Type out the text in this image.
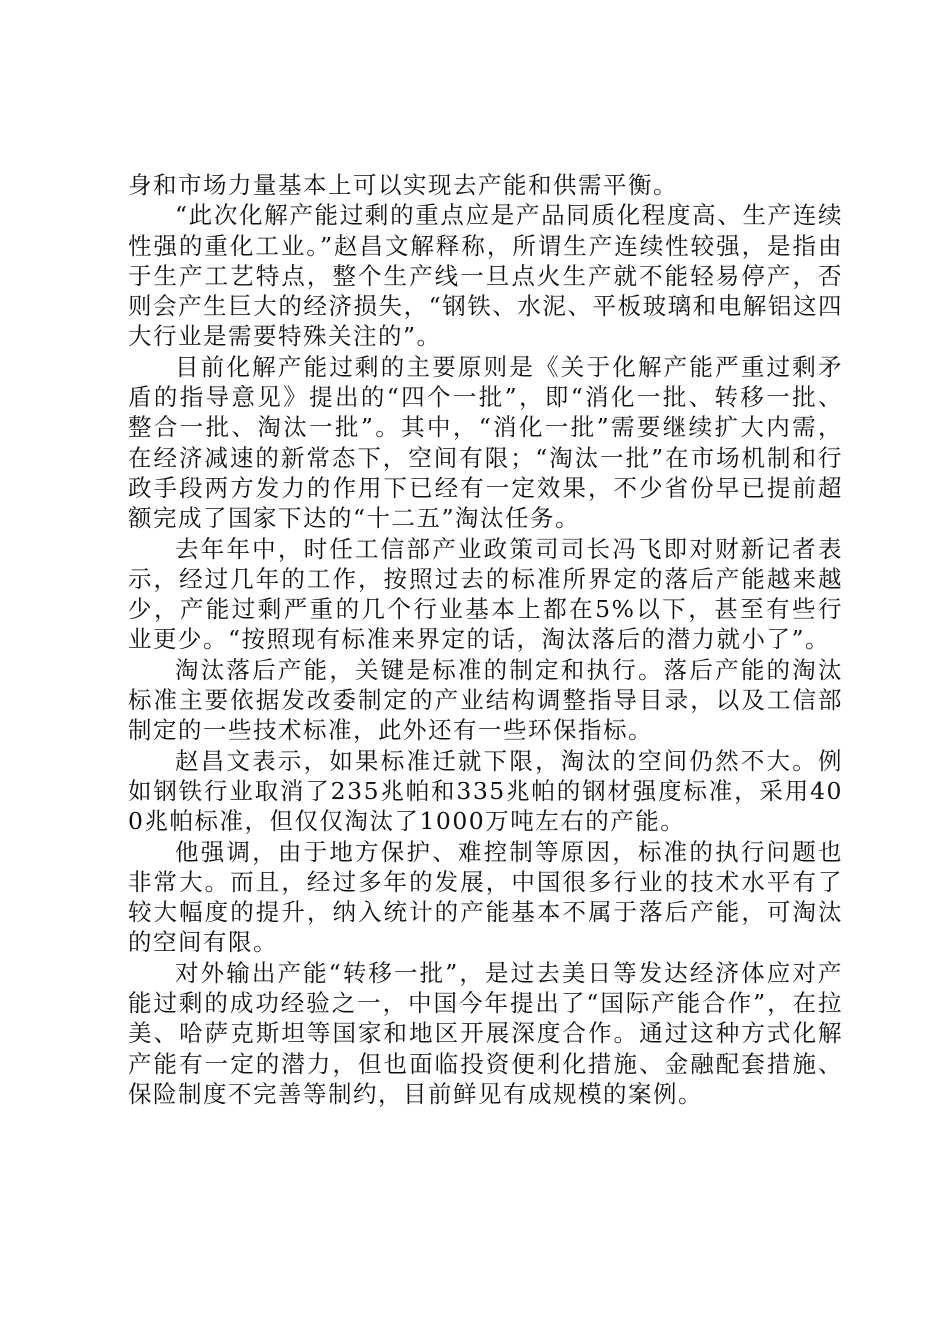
身和市场力量基本上可以实现去产能和供需平衡。

“此次化解产能过剩的重点应是产品同质化程度高、生产连续性强的重化工业。”赵昌文解释称，所谓生产连续性较强，是指由于生产工艺特点，整个生产线一旦点火生产就不能轻易停产，否则会产生巨大的经济损失，“钢铁、水泥、平板玻璃和电解铝这四大行业是需要特殊关注的”。

目前化解产能过剩的主要原则是《关于化解产能严重过剩矛盾的指导意见》提出的“四个一批”，即“消化一批、转移一批、整合一批、淘汰一批”。其中，“消化一批”需要继续扩大内需，在经济减速的新常态下，空间有限；“淘汰一批”在市场机制和行政手段两方发力的作用下已经有一定效果，不少省份早已提前超额完成了国家下达的“十二五”淘汰任务。

去年年中，时任工信部产业政策司司长冯飞即对财新记者表示，经过几年的工作，按照过去的标准所界定的落后产能越来越少，产能过剩严重的几个行业基本上都在5%以下，甚至有些行业更少。“按照现有标准来界定的话，淘汰落后的潜力就小了”。

淘汰落后产能，关键是标准的制定和执行。落后产能的淘汰标准主要依据发改委制定的产业结构调整指导目录，以及工信部制定的一些技术标准，此外还有一些环保指标。

赵昌文表示，如果标准迁就下限，淘汰的空间仍然不大。例如钢铁行业取消了235兆帕和335兆帕的钢材强度标准，采用400兆帕标准，但仅仅淘汰了1000万吨左右的产能。

他强调，由于地方保护、难控制等原因，标准的执行问题也非常大。而且，经过多年的发展，中国很多行业的技术水平有了较大幅度的提升，纳入统计的产能基本不属于落后产能，可淘汰的空间有限。

对外输出产能“转移一批”，是过去美日等发达经济体应对产能过剩的成功经验之一，中国今年提出了“国际产能合作”，在拉美、哈萨克斯坦等国家和地区开展深度合作。通过这种方式化解产能有一定的潜力，但也面临投资便利化措施、金融配套措施、保险制度不完善等制约，目前鲜见有成规模的案例。
